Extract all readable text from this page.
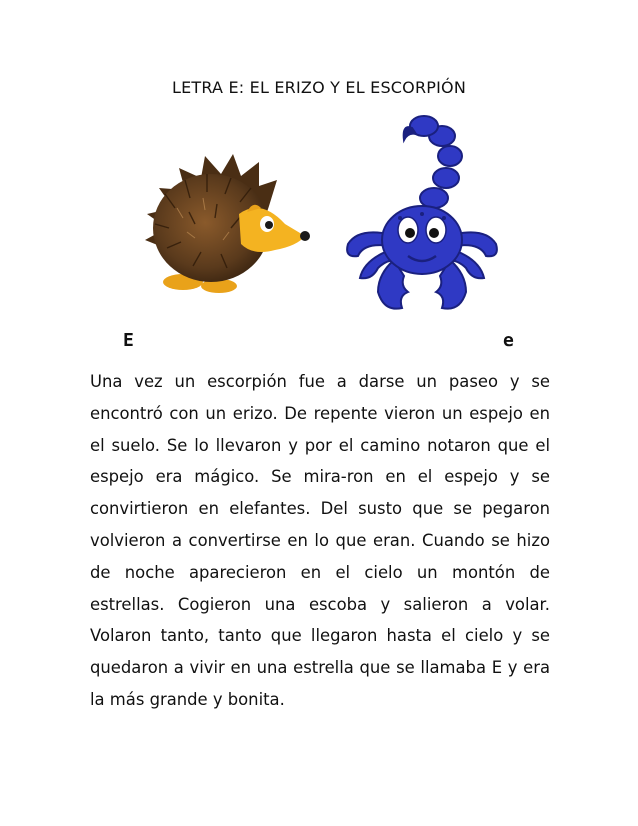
LETRA E: EL ERIZO Y EL ESCORPIÓN
E	e

Una vez un escorpión fue a darse un paseo y se encontró con un erizo. De repente vieron un espejo en el suelo. Se lo llevaron y por el camino notaron que el espejo era mágico. Se mira-ron en el espejo y se convirtieron en elefantes. Del susto que se pegaron volvieron a convertirse en lo que eran. Cuando se hizo de noche aparecieron en el cielo un montón de estrellas. Cogieron una escoba y salieron a volar. Volaron tanto, tanto que llegaron hasta el cielo y se quedaron a vivir en una estrella que se llamaba E y era la más grande y bonita.
